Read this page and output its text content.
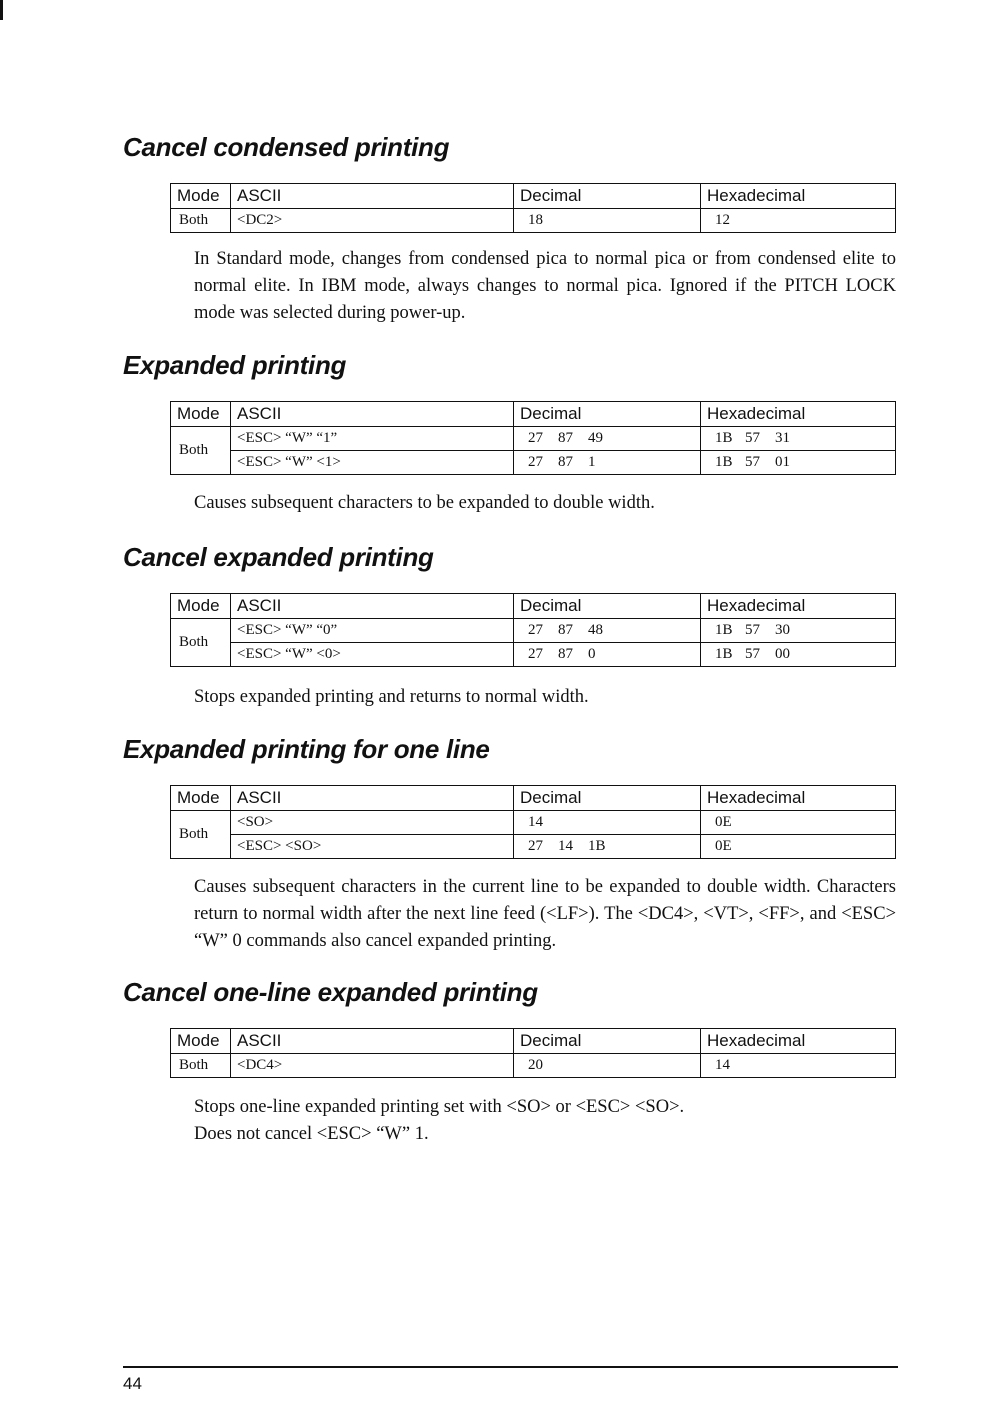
Cancel condensed printing
Mode	ASCII	Decimal	Hexadecimal
Both	<DC2>	18	12

In Standard mode, changes from condensed pica to normal pica or from condensed elite to normal elite. In IBM mode, always changes to normal pica. Ignored if the PITCH LOCK mode was selected during power-up.

Expanded printing
Mode	ASCII	Decimal	Hexadecimal
Both	<ESC> “W” “1”	27 87 49	1B 57 31
	<ESC> “W” <1>	27 87 1	1B 57 01

Causes subsequent characters to be expanded to double width.

Cancel expanded printing
Mode	ASCII	Decimal	Hexadecimal
Both	<ESC> “W” “0”	27 87 48	1B 57 30
	<ESC> “W” <0>	27 87 0	1B 57 00

Stops expanded printing and returns to normal width.

Expanded printing for one line
Mode	ASCII	Decimal	Hexadecimal
Both	<SO>	14	0E
	<ESC> <SO>	27 14 1B	0E

Causes subsequent characters in the current line to be expanded to double width. Characters return to normal width after the next line feed (<LF>). The <DC4>, <VT>, <FF>, and <ESC> “W” 0 commands also cancel expanded printing.

Cancel one-line expanded printing
Mode	ASCII	Decimal	Hexadecimal
Both	<DC4>	20	14

Stops one-line expanded printing set with <SO> or <ESC> <SO>.
Does not cancel <ESC> “W” 1.

44
